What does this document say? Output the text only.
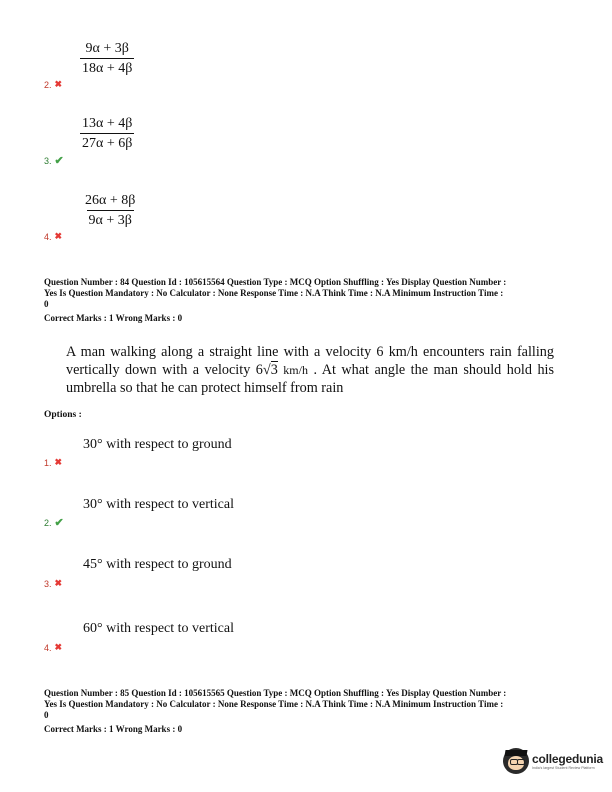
$\frac{9\alpha + 3\beta}{18\alpha + 4\beta}$
2. ✖
$\frac{13\alpha + 4\beta}{27\alpha + 6\beta}$
3. ✔
$\frac{26\alpha + 8\beta}{9\alpha + 3\beta}$
4. ✖
Question Number : 84 Question Id : 105615564 Question Type : MCQ Option Shuffling : Yes Display Question Number :
Yes Is Question Mandatory : No Calculator : None Response Time : N.A Think Time : N.A Minimum Instruction Time :
0
Correct Marks : 1 Wrong Marks : 0
A man walking along a straight line with a velocity 6 km/h encounters rain falling vertically down with a velocity 6√3 km/h . At what angle the man should hold his umbrella so that he can protect himself from rain
Options :
30° with respect to ground
1. ✖
30° with respect to vertical
2. ✔
45° with respect to ground
3. ✖
60° with respect to vertical
4. ✖
Question Number : 85 Question Id : 105615565 Question Type : MCQ Option Shuffling : Yes Display Question Number :
Yes Is Question Mandatory : No Calculator : None Response Time : N.A Think Time : N.A Minimum Instruction Time :
0
Correct Marks : 1 Wrong Marks : 0
collegedunia
India's largest Student Review Platform
